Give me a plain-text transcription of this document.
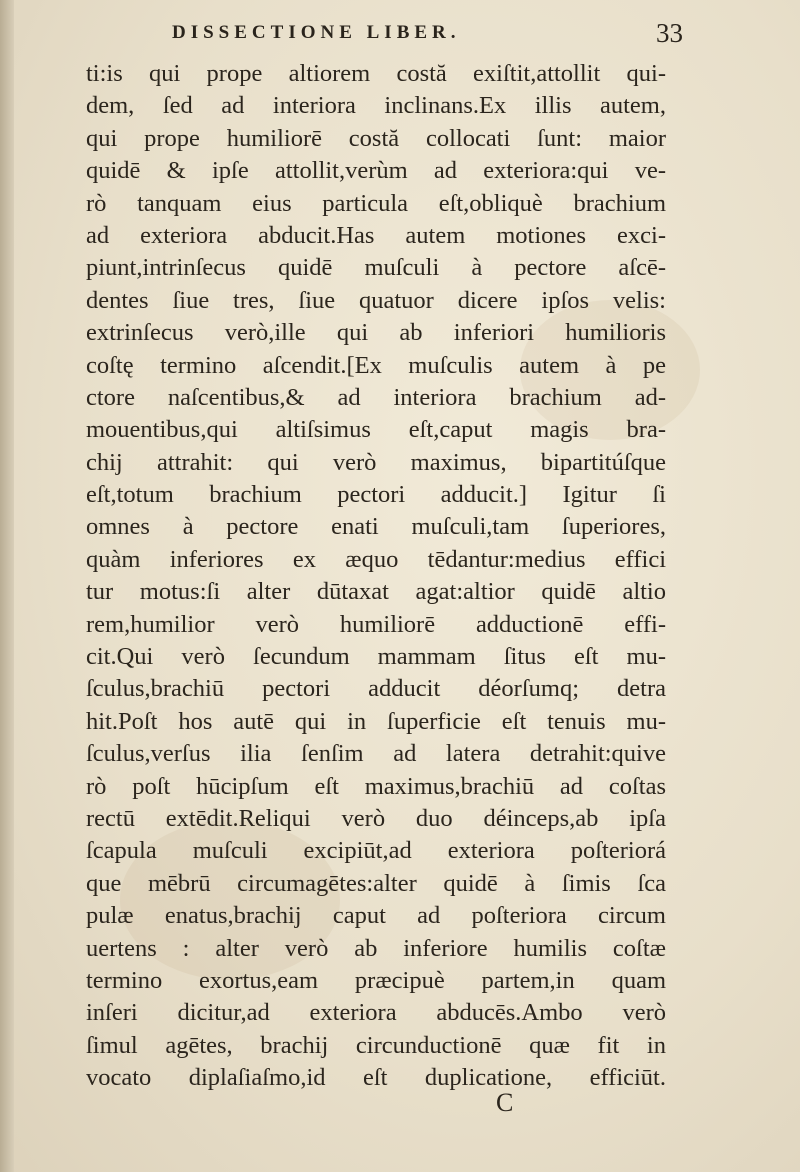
DISSECTIONE LIBER.	33
ti:is qui prope altiorem costă exiſtit,attollit qui-
dem, ſed ad interiora inclinans.Ex illis autem,
qui prope humiliorē costă collocati ſunt: maior
quidē & ipſe attollit,verùm ad exteriora:qui ve-
rò tanquam eius particula eſt,obliquè brachium
ad exteriora abducit.Has autem motiones exci-
piunt,intrinſecus quidē muſculi à pectore aſcē-
dentes ſiue tres, ſiue quatuor dicere ipſos velis:
extrinſecus verò,ille qui ab inferiori humilioris
coſtę termino aſcendit.[Ex muſculis autem à pe
ctore naſcentibus,& ad interiora brachium ad-
mouentibus,qui altiſsimus eſt,caput magis bra-
chij attrahit: qui verò maximus, bipartitúſque
eſt,totum brachium pectori adducit.] Igitur ſi
omnes à pectore enati muſculi,tam ſuperiores,
quàm inferiores ex æquo tēdantur:medius effici
tur motus:ſi alter dūtaxat agat:altior quidē altio
rem,humilior verò humiliorē adductionē effi-
cit.Qui verò ſecundum mammam ſitus eſt mu-
ſculus,brachiū pectori adducit déorſumq; detra
hit.Poſt hos autē qui in ſuperficie eſt tenuis mu-
ſculus,verſus ilia ſenſim ad latera detrahit:quive
rò poſt hūcipſum eſt maximus,brachiū ad coſtas
rectū extēdit.Reliqui verò duo déinceps,ab ipſa
ſcapula muſculi excipiūt,ad exteriora poſteriorá
que mēbrū circumagētes:alter quidē à ſimis ſca
pulæ enatus,brachij caput ad poſteriora circum
uertens : alter verò ab inferiore humilis coſtæ
termino exortus,eam præcipuè partem,in quam
inſeri dicitur,ad exteriora abducēs.Ambo verò
ſimul agētes, brachij circunductionē quæ fit in
vocato diplaſiaſmo,id eſt duplicatione, efficiūt.
C
